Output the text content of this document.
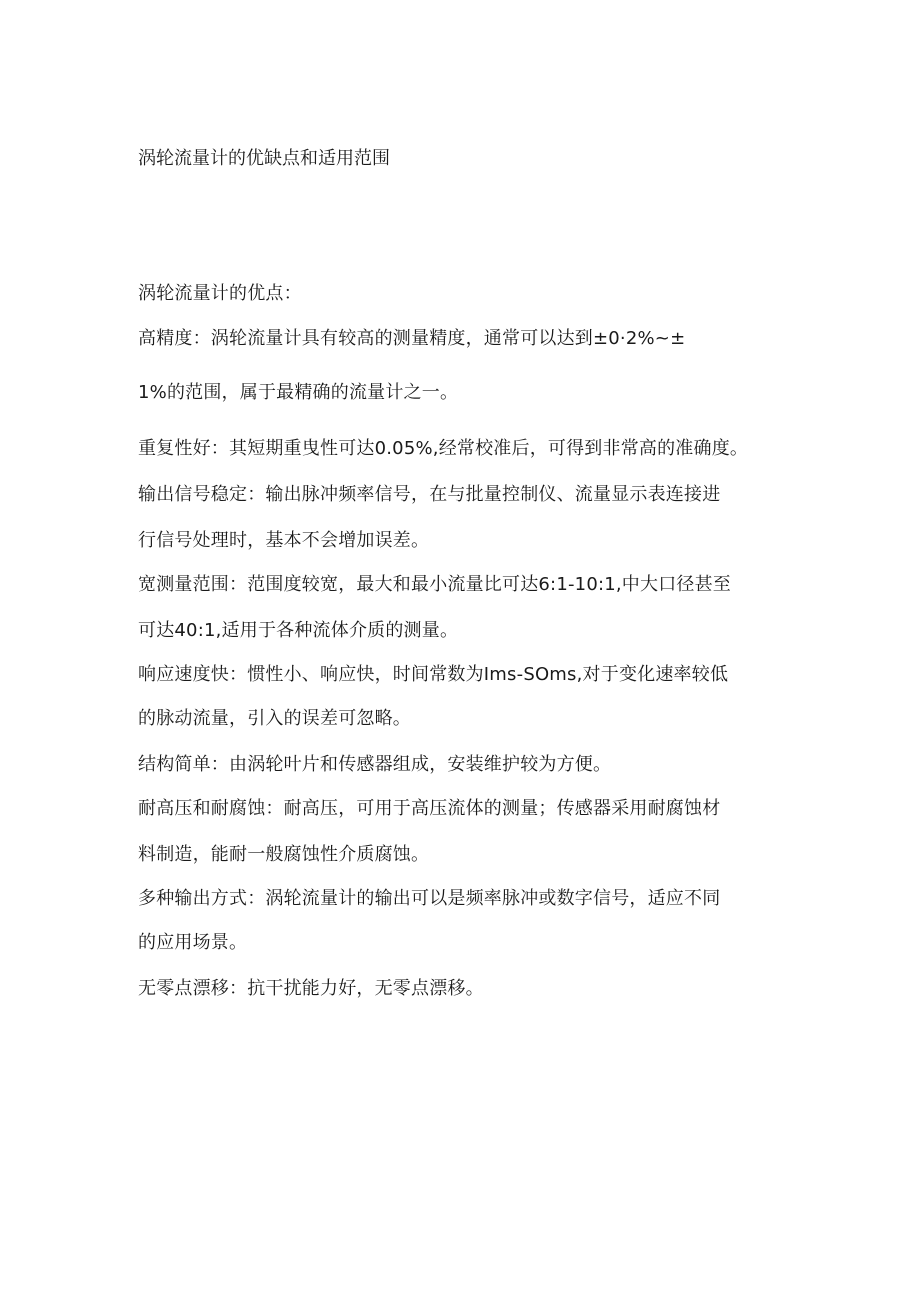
涡轮流量计的优缺点和适用范围
涡轮流量计的优点：
高精度：涡轮流量计具有较高的测量精度，通常可以达到±0·2%~±
1%的范围，属于最精确的流量计之一。
重复性好：其短期重曳性可达0.05%,经常校准后，可得到非常高的准确度。
输出信号稳定：输出脉冲频率信号，在与批量控制仪、流量显示表连接进
行信号处理时，基本不会增加误差。
宽测量范围：范围度较宽，最大和最小流量比可达6:1-10:1,中大口径甚至
可达40:1,适用于各种流体介质的测量。
响应速度快：惯性小、响应快，时间常数为Ims-SOms,对于变化速率较低
的脉动流量，引入的误差可忽略。
结构简单：由涡轮叶片和传感器组成，安装维护较为方便。
耐高压和耐腐蚀：耐高压，可用于高压流体的测量；传感器采用耐腐蚀材
料制造，能耐一般腐蚀性介质腐蚀。
多种输出方式：涡轮流量计的输出可以是频率脉冲或数字信号，适应不同
的应用场景。
无零点漂移：抗干扰能力好，无零点漂移。
